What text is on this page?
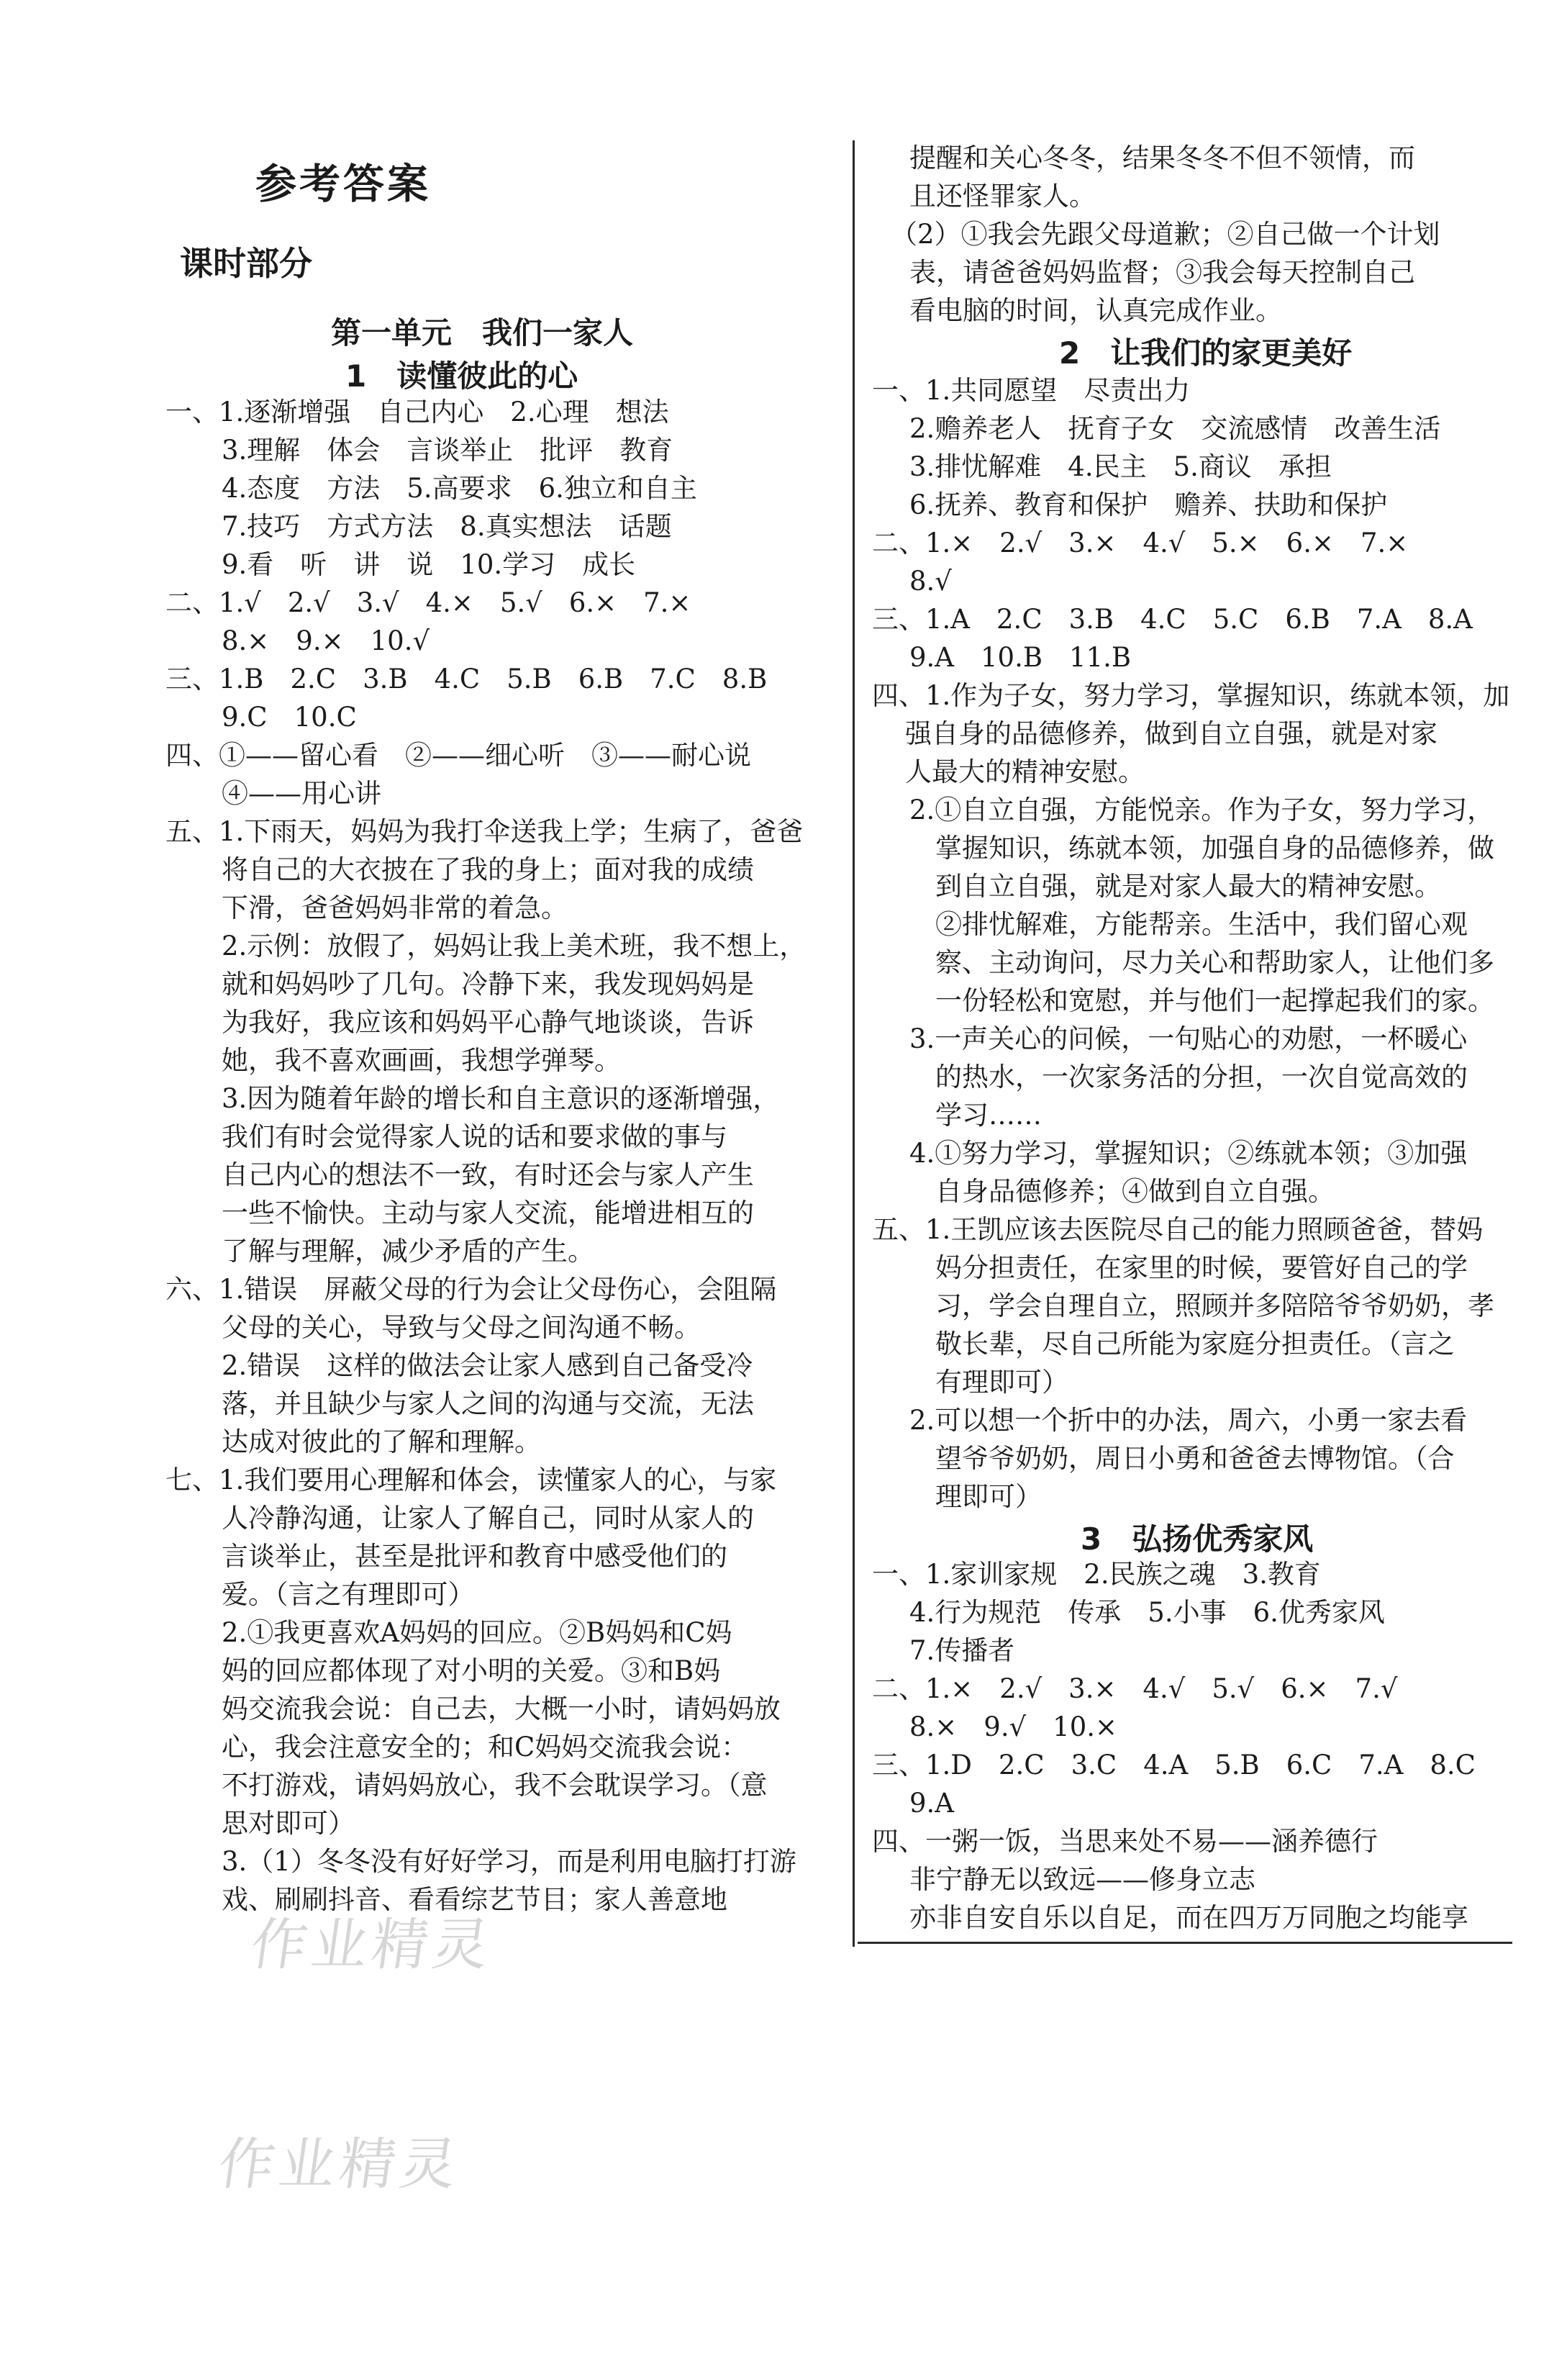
参考答案
课时部分
第一单元　我们一家人
1　读懂彼此的心
一、1.逐渐增强　自己内心　2.心理　想法
3.理解　体会　言谈举止　批评　教育
4.态度　方法　5.高要求　6.独立和自主
7.技巧　方式方法　8.真实想法　话题
9.看　听　讲　说　10.学习　成长
二、1.√　2.√　3.√　4.×　5.√　6.×　7.×
8.×　9.×　10.√
三、1.B　2.C　3.B　4.C　5.B　6.B　7.C　8.B
9.C　10.C
四、①——留心看　②——细心听　③——耐心说
④——用心讲
五、1.下雨天，妈妈为我打伞送我上学；生病了，爸爸
将自己的大衣披在了我的身上；面对我的成绩
下滑，爸爸妈妈非常的着急。
2.示例：放假了，妈妈让我上美术班，我不想上，
就和妈妈吵了几句。冷静下来，我发现妈妈是
为我好，我应该和妈妈平心静气地谈谈，告诉
她，我不喜欢画画，我想学弹琴。
3.因为随着年龄的增长和自主意识的逐渐增强，
我们有时会觉得家人说的话和要求做的事与
自己内心的想法不一致，有时还会与家人产生
一些不愉快。主动与家人交流，能增进相互的
了解与理解，减少矛盾的产生。
六、1.错误　屏蔽父母的行为会让父母伤心，会阻隔
父母的关心，导致与父母之间沟通不畅。
2.错误　这样的做法会让家人感到自己备受冷
落，并且缺少与家人之间的沟通与交流，无法
达成对彼此的了解和理解。
七、1.我们要用心理解和体会，读懂家人的心，与家
人冷静沟通，让家人了解自己，同时从家人的
言谈举止，甚至是批评和教育中感受他们的
爱。（言之有理即可）
2.①我更喜欢A妈妈的回应。②B妈妈和C妈
妈的回应都体现了对小明的关爱。③和B妈
妈交流我会说：自己去，大概一小时，请妈妈放
心，我会注意安全的；和C妈妈交流我会说：
不打游戏，请妈妈放心，我不会耽误学习。（意
思对即可）
3.（1）冬冬没有好好学习，而是利用电脑打打游
戏、刷刷抖音、看看综艺节目；家人善意地
提醒和关心冬冬，结果冬冬不但不领情，而
且还怪罪家人。
（2）①我会先跟父母道歉；②自己做一个计划
表，请爸爸妈妈监督；③我会每天控制自己
看电脑的时间，认真完成作业。
2　让我们的家更美好
一、1.共同愿望　尽责出力
2.赡养老人　抚育子女　交流感情　改善生活
3.排忧解难　4.民主　5.商议　承担
6.抚养、教育和保护　赡养、扶助和保护
二、1.×　2.√　3.×　4.√　5.×　6.×　7.×
8.√
三、1.A　2.C　3.B　4.C　5.C　6.B　7.A　8.A
9.A　10.B　11.B
四、1.作为子女，努力学习，掌握知识，练就本领，加
强自身的品德修养，做到自立自强，就是对家
人最大的精神安慰。
2.①自立自强，方能悦亲。作为子女，努力学习，
掌握知识，练就本领，加强自身的品德修养，做
到自立自强，就是对家人最大的精神安慰。
②排忧解难，方能帮亲。生活中，我们留心观
察、主动询问，尽力关心和帮助家人，让他们多
一份轻松和宽慰，并与他们一起撑起我们的家。
3.一声关心的问候，一句贴心的劝慰，一杯暖心
的热水，一次家务活的分担，一次自觉高效的
学习……
4.①努力学习，掌握知识；②练就本领；③加强
自身品德修养；④做到自立自强。
五、1.王凯应该去医院尽自己的能力照顾爸爸，替妈
妈分担责任，在家里的时候，要管好自己的学
习，学会自理自立，照顾并多陪陪爷爷奶奶，孝
敬长辈，尽自己所能为家庭分担责任。（言之
有理即可）
2.可以想一个折中的办法，周六，小勇一家去看
望爷爷奶奶，周日小勇和爸爸去博物馆。（合
理即可）
3　弘扬优秀家风
一、1.家训家规　2.民族之魂　3.教育
4.行为规范　传承　5.小事　6.优秀家风
7.传播者
二、1.×　2.√　3.×　4.√　5.√　6.×　7.√
8.×　9.√　10.×
三、1.D　2.C　3.C　4.A　5.B　6.C　7.A　8.C
9.A
四、一粥一饭，当思来处不易——涵养德行
非宁静无以致远——修身立志
亦非自安自乐以自足，而在四万万同胞之均能享
作业精灵
作业精灵
